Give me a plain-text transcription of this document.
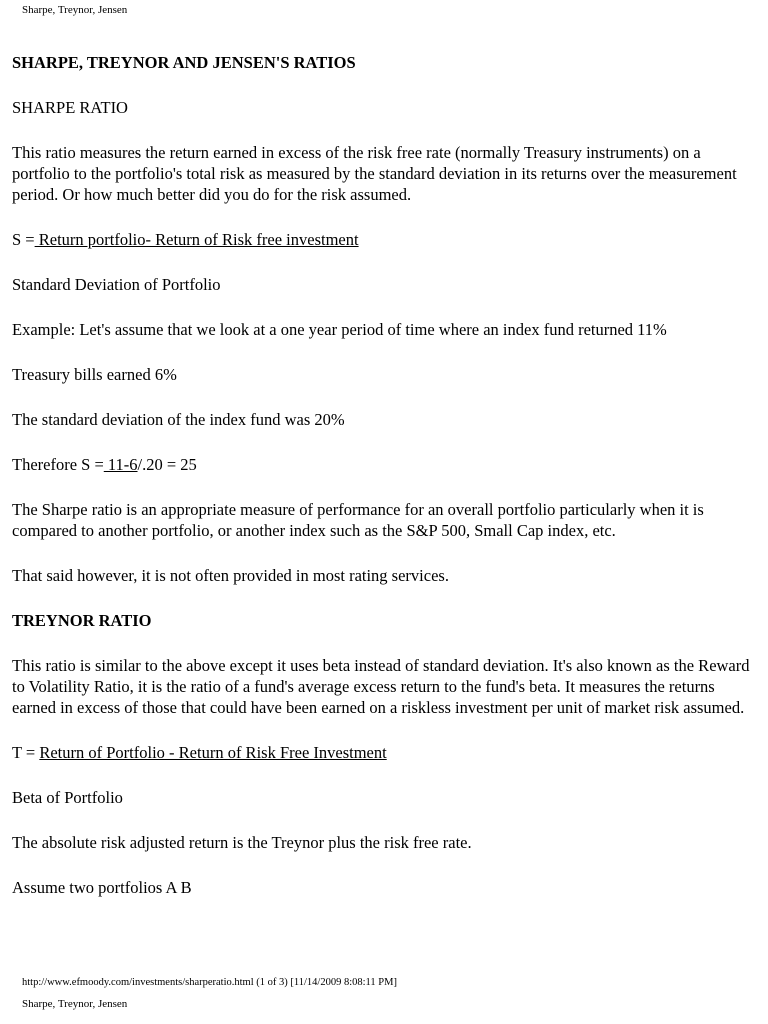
Sharpe, Treynor, Jensen
SHARPE, TREYNOR AND JENSEN'S RATIOS
SHARPE RATIO

This ratio measures the return earned in excess of the risk free rate (normally Treasury instruments) on a portfolio to the portfolio's total risk as measured by the standard deviation in its returns over the measurement period. Or how much better did you do for the risk assumed.

S = Return portfolio- Return of Risk free investment

Standard Deviation of Portfolio

Example: Let's assume that we look at a one year period of time where an index fund returned 11%

Treasury bills earned 6%

The standard deviation of the index fund was 20%

Therefore S = 11-6/.20 = 25

The Sharpe ratio is an appropriate measure of performance for an overall portfolio particularly when it is compared to another portfolio, or another index such as the S&P 500, Small Cap index, etc.

That said however, it is not often provided in most rating services.

TREYNOR RATIO

This ratio is similar to the above except it uses beta instead of standard deviation. It's also known as the Reward to Volatility Ratio, it is the ratio of a fund's average excess return to the fund's beta. It measures the returns earned in excess of those that could have been earned on a riskless investment per unit of market risk assumed.

T = Return of Portfolio - Return of Risk Free Investment

Beta of Portfolio

The absolute risk adjusted return is the Treynor plus the risk free rate.

Assume two portfolios A B

http://www.efmoody.com/investments/sharperatio.html (1 of 3) [11/14/2009 8:08:11 PM]
Sharpe, Treynor, Jensen
